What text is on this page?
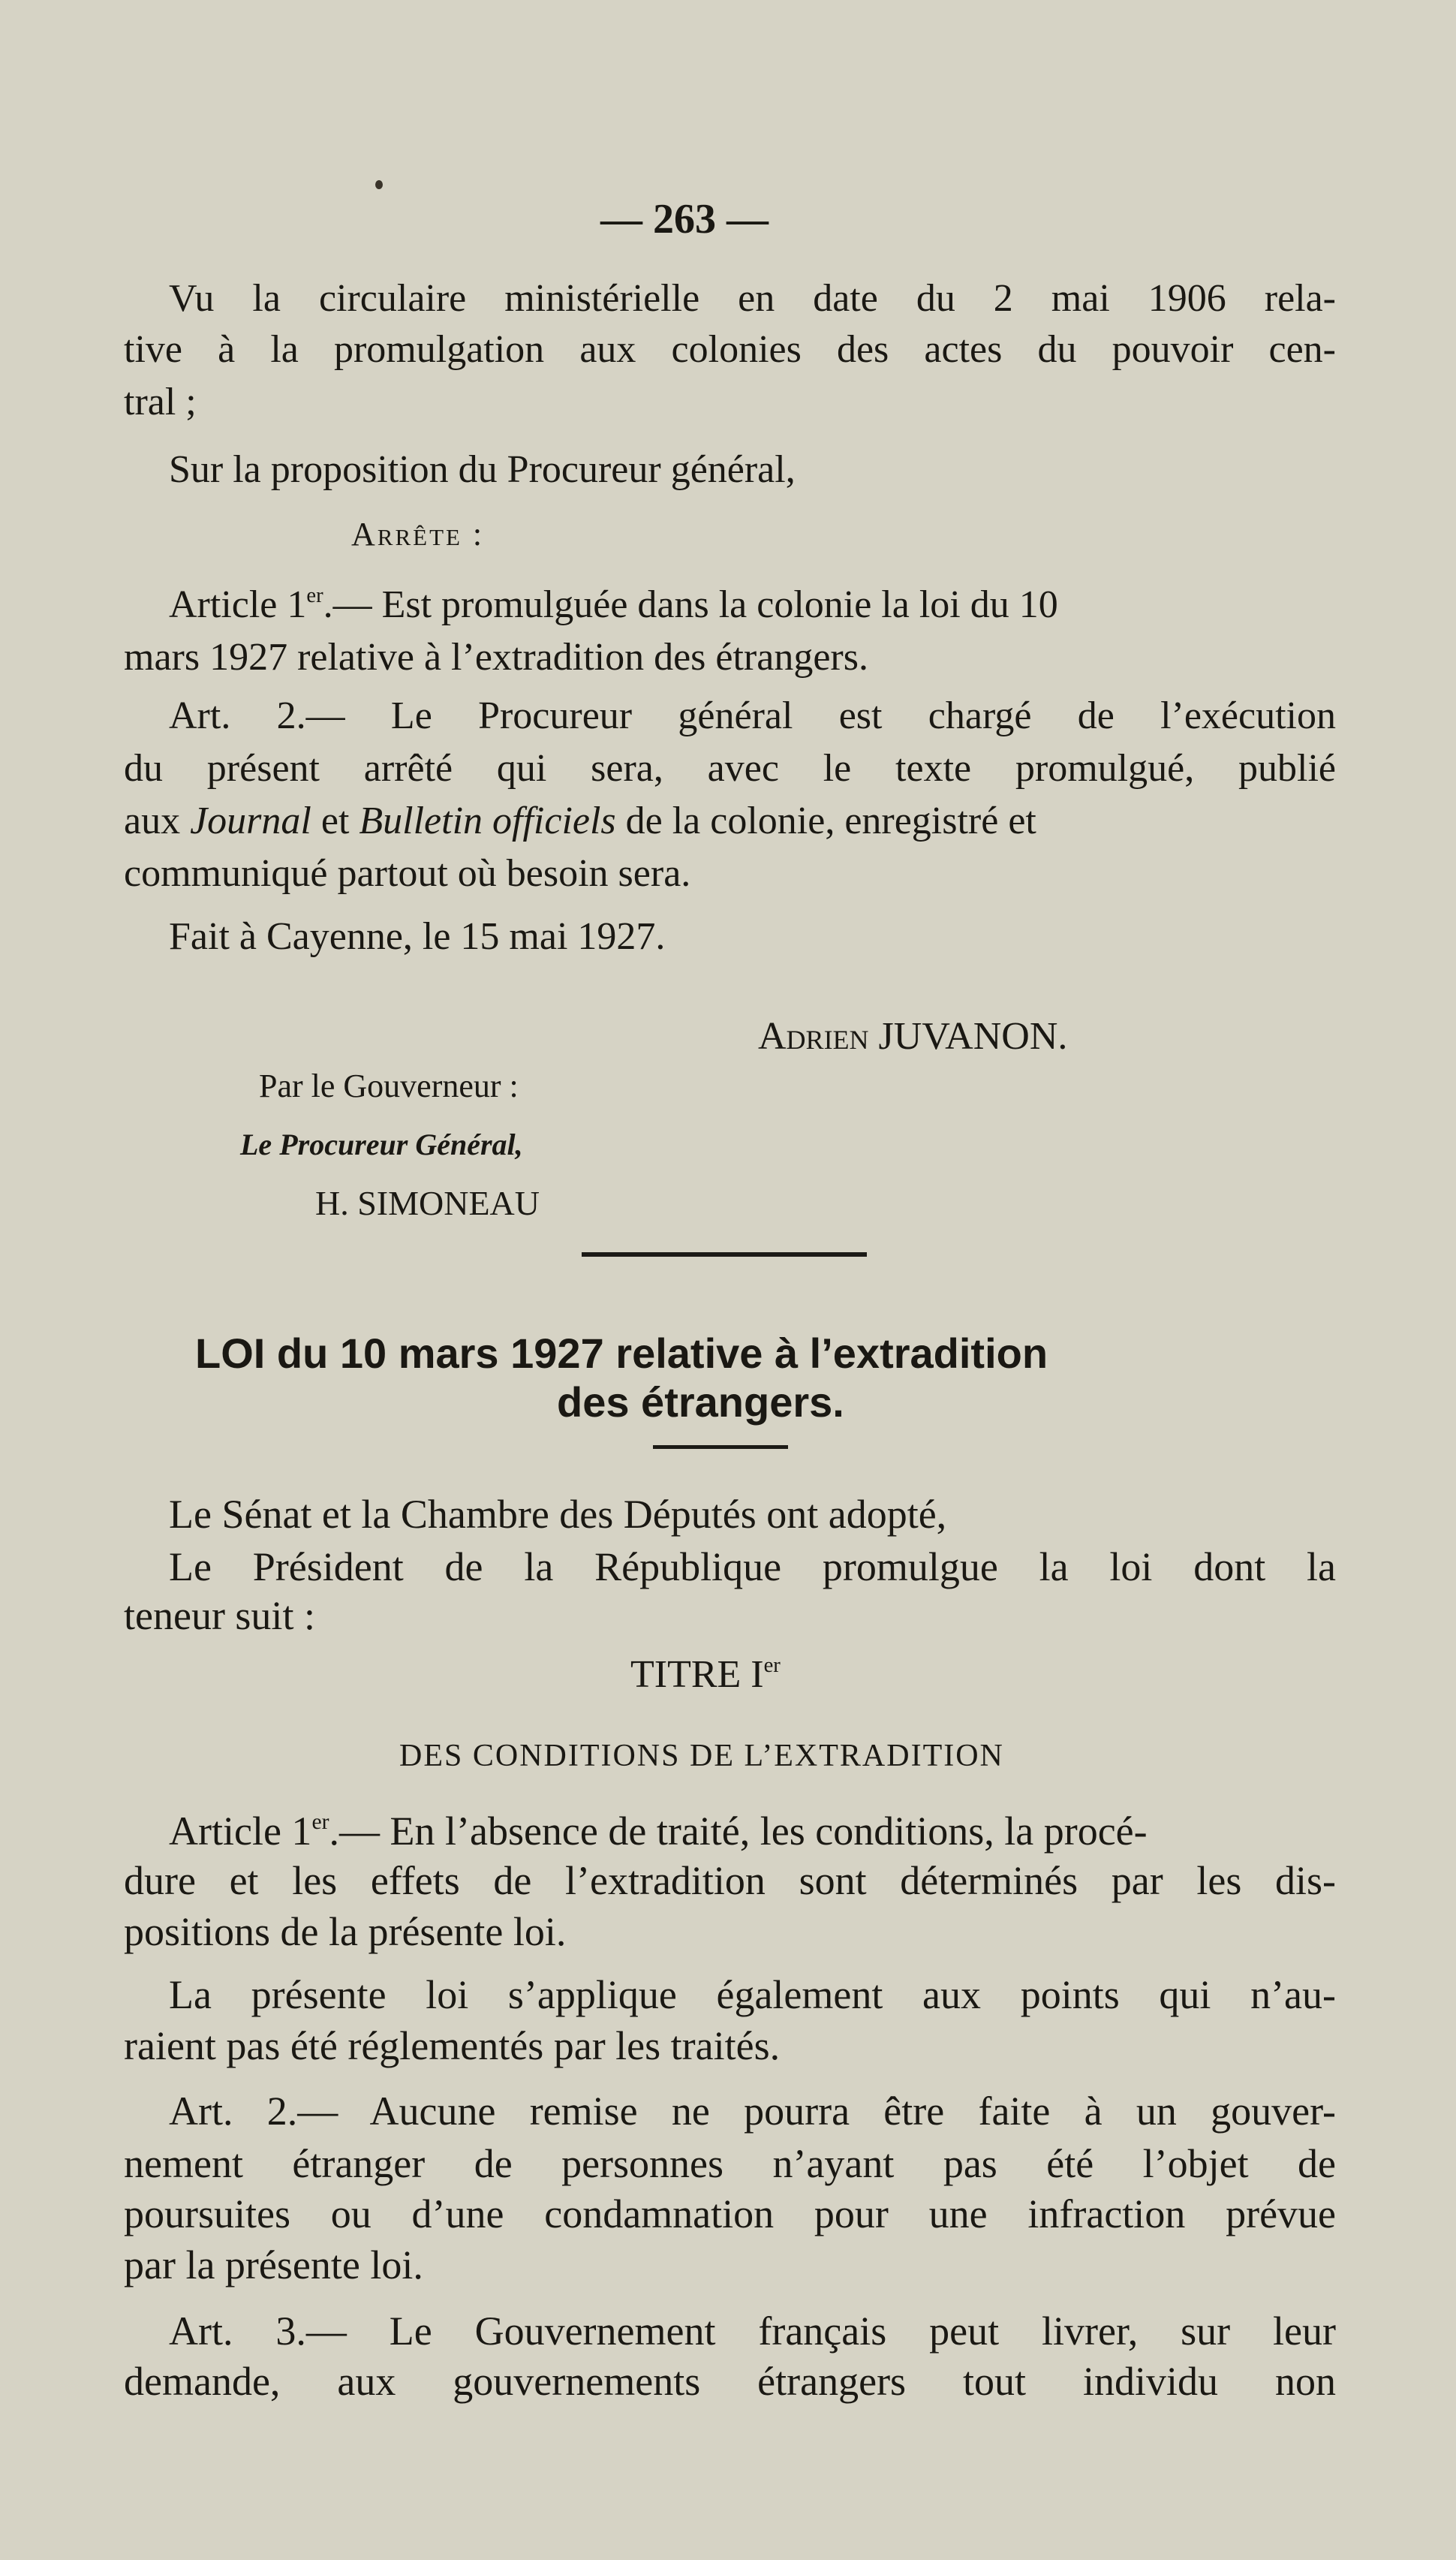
— 263 —
Vu la circulaire ministérielle en date du 2 mai 1906 rela-
tive à la promulgation aux colonies des actes du pouvoir cen-
tral ;
Sur la proposition du Procureur général,
Arrête :
Article 1er.— Est promulguée dans la colonie la loi du 10
mars 1927 relative à l’extradition des étrangers.
Art. 2.— Le Procureur général est chargé de l’exécution
du présent arrêté qui sera, avec le texte promulgué, publié
aux Journal et Bulletin officiels de la colonie, enregistré et
communiqué partout où besoin sera.
Fait à Cayenne, le 15 mai 1927.
Adrien JUVANON.
Par le Gouverneur :
Le Procureur Général,
H. SIMONEAU
LOI du 10 mars 1927 relative à l’extradition
des étrangers.
Le Sénat et la Chambre des Députés ont adopté,
Le Président de la République promulgue la loi dont la
teneur suit :
TITRE Ier
DES CONDITIONS DE L’EXTRADITION
Article 1er.— En l’absence de traité, les conditions, la procé-
dure et les effets de l’extradition sont déterminés par les dis-
positions de la présente loi.
La présente loi s’applique également aux points qui n’au-
raient pas été réglementés par les traités.
Art. 2.— Aucune remise ne pourra être faite à un gouver-
nement étranger de personnes n’ayant pas été l’objet de
poursuites ou d’une condamnation pour une infraction prévue
par la présente loi.
Art. 3.— Le Gouvernement français peut livrer, sur leur
demande, aux gouvernements étrangers tout individu non
